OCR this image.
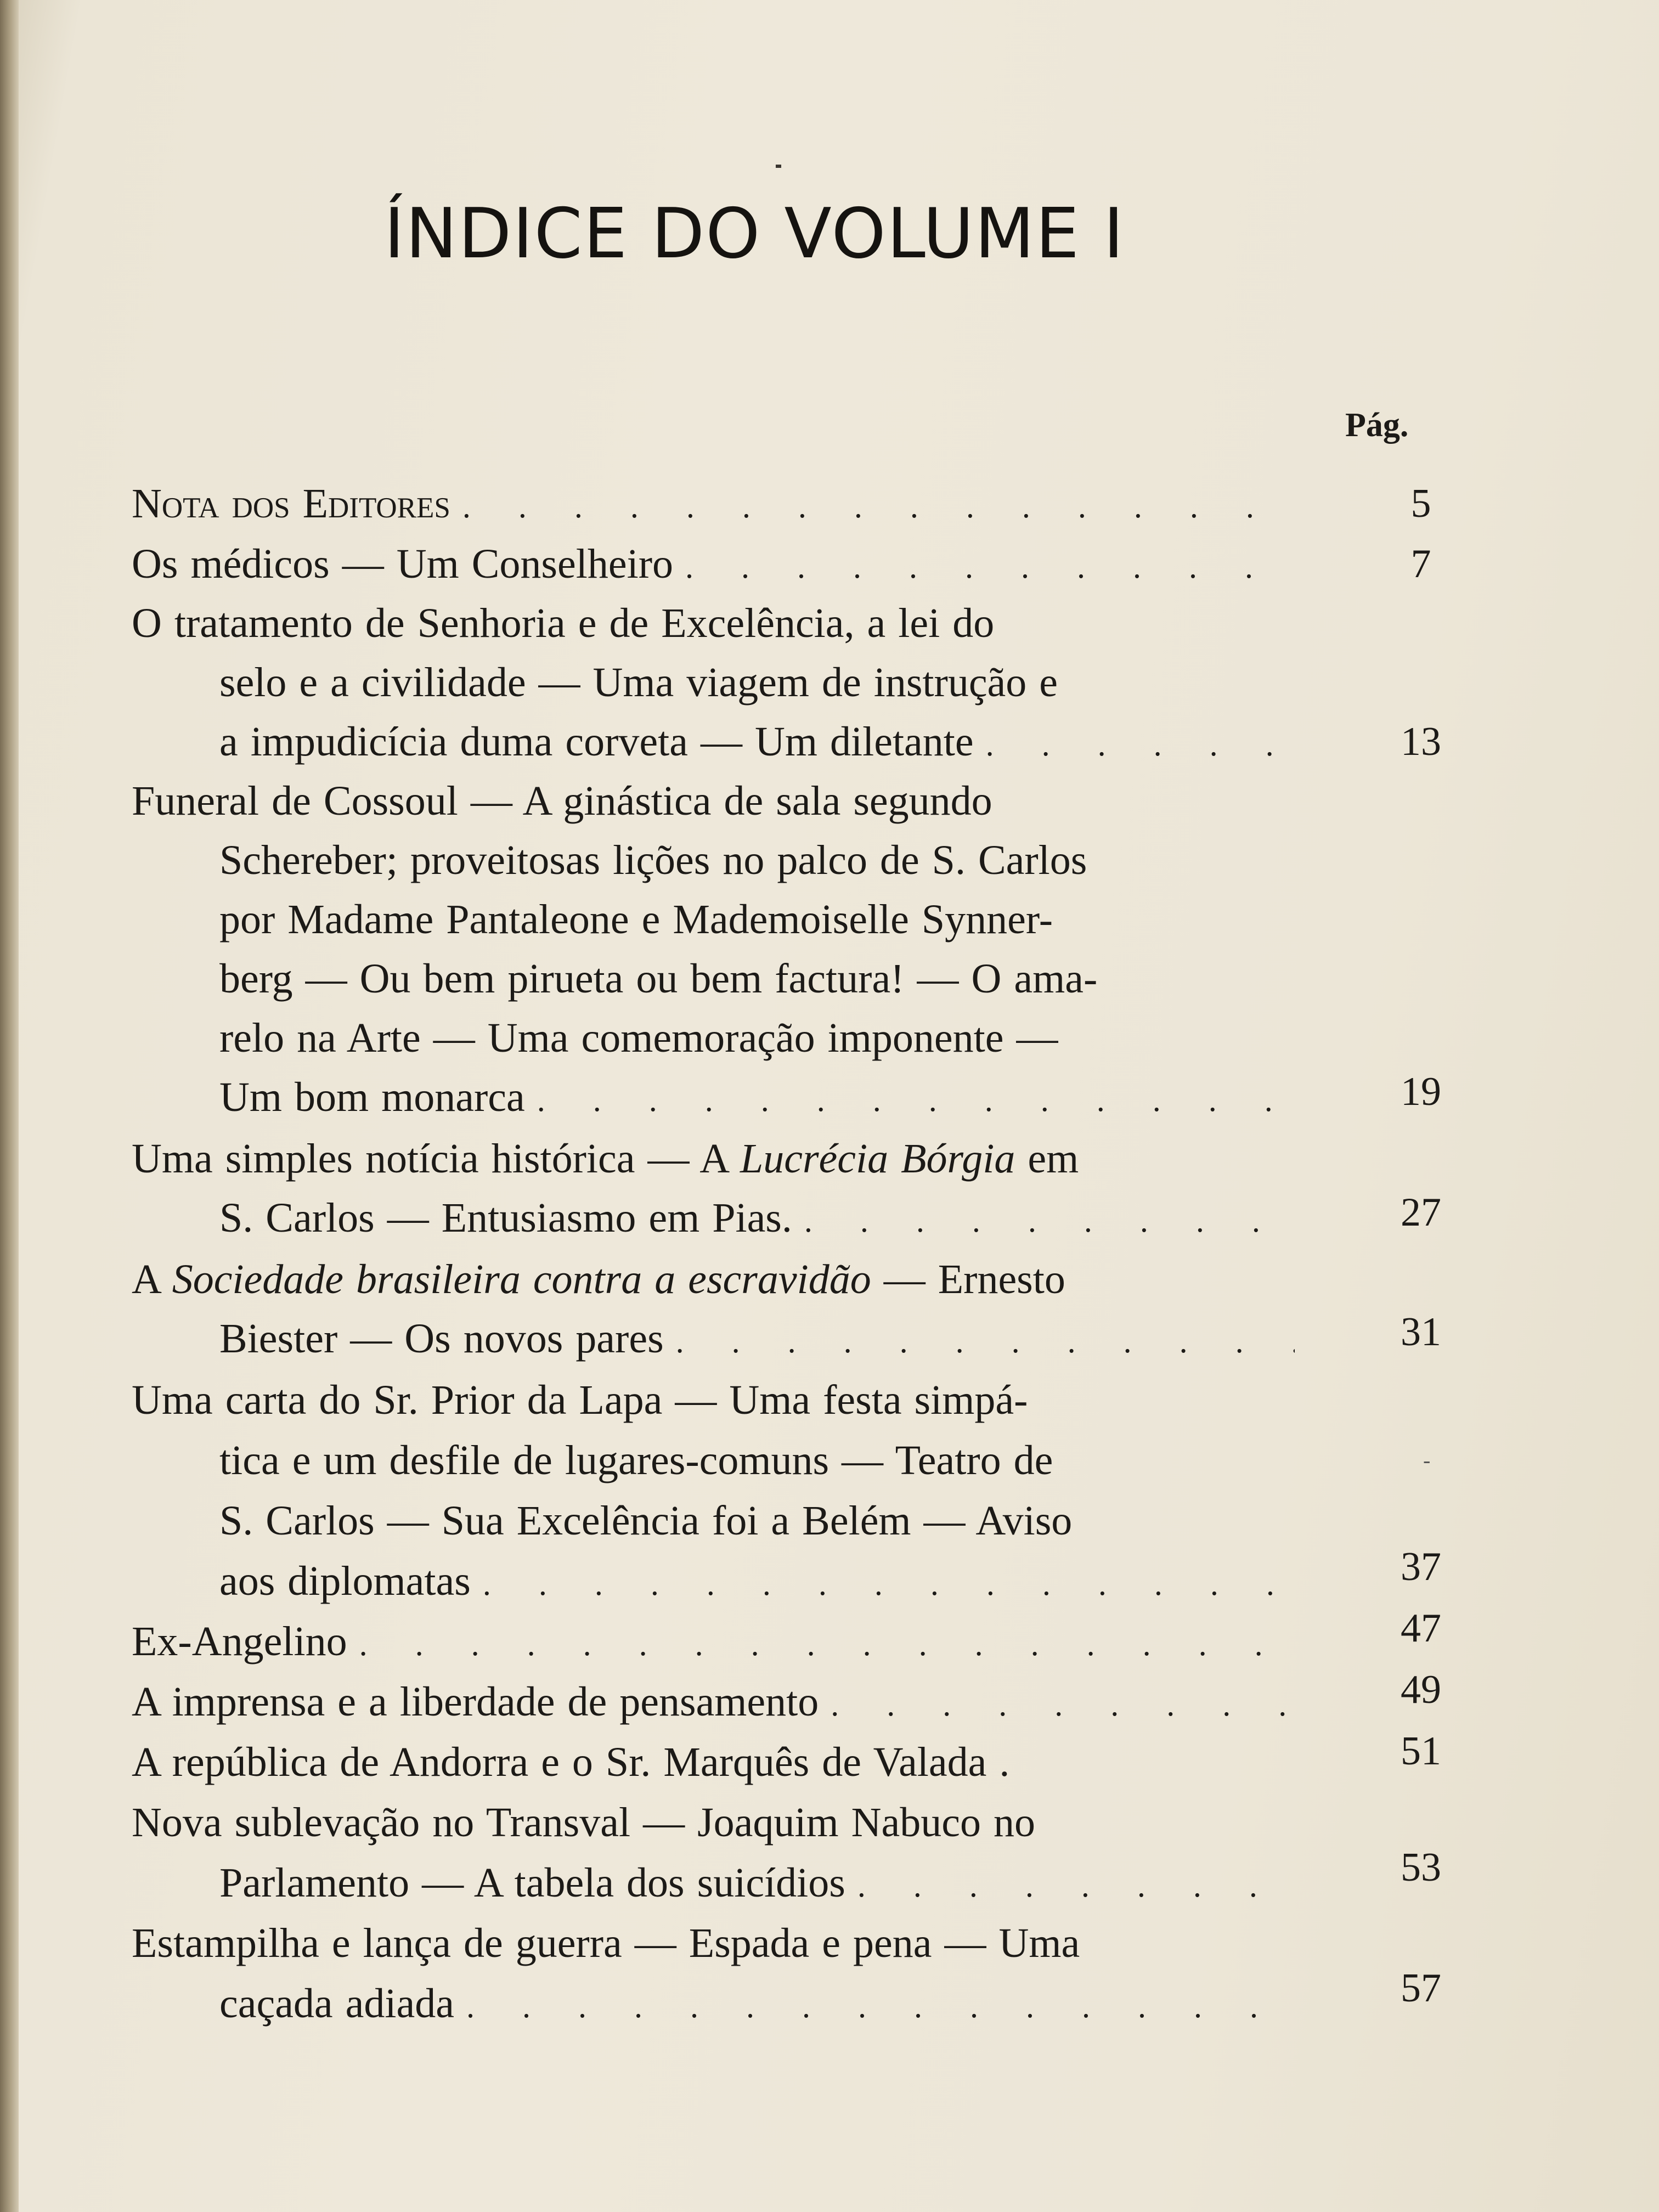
ÍNDICE DO VOLUME I
Pág.
Nota dos Editores . . .	5
Os médicos — Um Conselheiro . . .	7
O tratamento de Senhoria e de Excelência, a lei do
selo e a civilidade — Uma viagem de instrução e
a impudicícia duma corveta — Um diletante . . .	13
Funeral de Cossoul — A ginástica de sala segundo
Schereber; proveitosas lições no palco de S. Carlos
por Madame Pantaleone e Mademoiselle Synner-
berg — Ou bem pirueta ou bem factura! — O ama-
relo na Arte — Uma comemoração imponente —
Um bom monarca . . .	19
Uma simples notícia histórica — A Lucrécia Bórgia em
S. Carlos — Entusiasmo em Pias. . . .	27
A Sociedade brasileira contra a escravidão — Ernesto
Biester — Os novos pares . . .	31
Uma carta do Sr. Prior da Lapa — Uma festa simpá-
tica e um desfile de lugares-comuns — Teatro de
S. Carlos — Sua Excelência foi a Belém — Aviso
aos diplomatas . . .	37
-
Ex-Angelino . . .	47
A imprensa e a liberdade de pensamento . . .	49
A república de Andorra e o Sr. Marquês de Valada .	51
Nova sublevação no Transval — Joaquim Nabuco no
Parlamento — A tabela dos suicídios . . .	53
Estampilha e lança de guerra — Espada e pena — Uma
caçada adiada . . .	57
